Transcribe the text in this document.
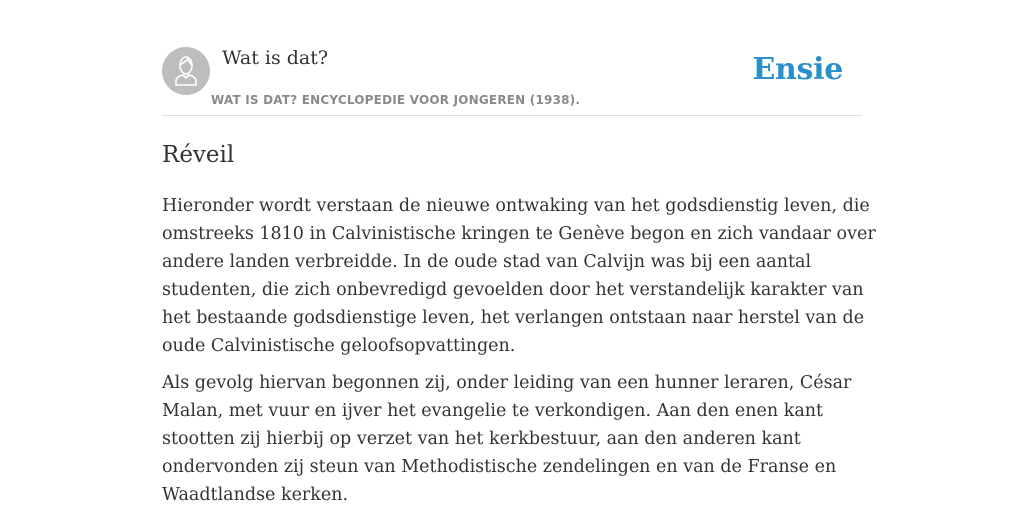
Wat is dat?
WAT IS DAT? ENCYCLOPEDIE VOOR JONGEREN (1938).
Ensie
Réveil

Hieronder wordt verstaan de nieuwe ontwaking van het godsdienstig leven, die
omstreeks 1810 in Calvinistische kringen te Genève begon en zich vandaar over
andere landen verbreidde. In de oude stad van Calvijn was bij een aantal
studenten, die zich onbevredigd gevoelden door het verstandelijk karakter van
het bestaande godsdienstige leven, het verlangen ontstaan naar herstel van de
oude Calvinistische geloofsopvattingen.

Als gevolg hiervan begonnen zij, onder leiding van een hunner leraren, César
Malan, met vuur en ijver het evangelie te verkondigen. Aan den enen kant
stootten zij hierbij op verzet van het kerkbestuur, aan den anderen kant
ondervonden zij steun van Methodistische zendelingen en van de Franse en
Waadtlandse kerken.
